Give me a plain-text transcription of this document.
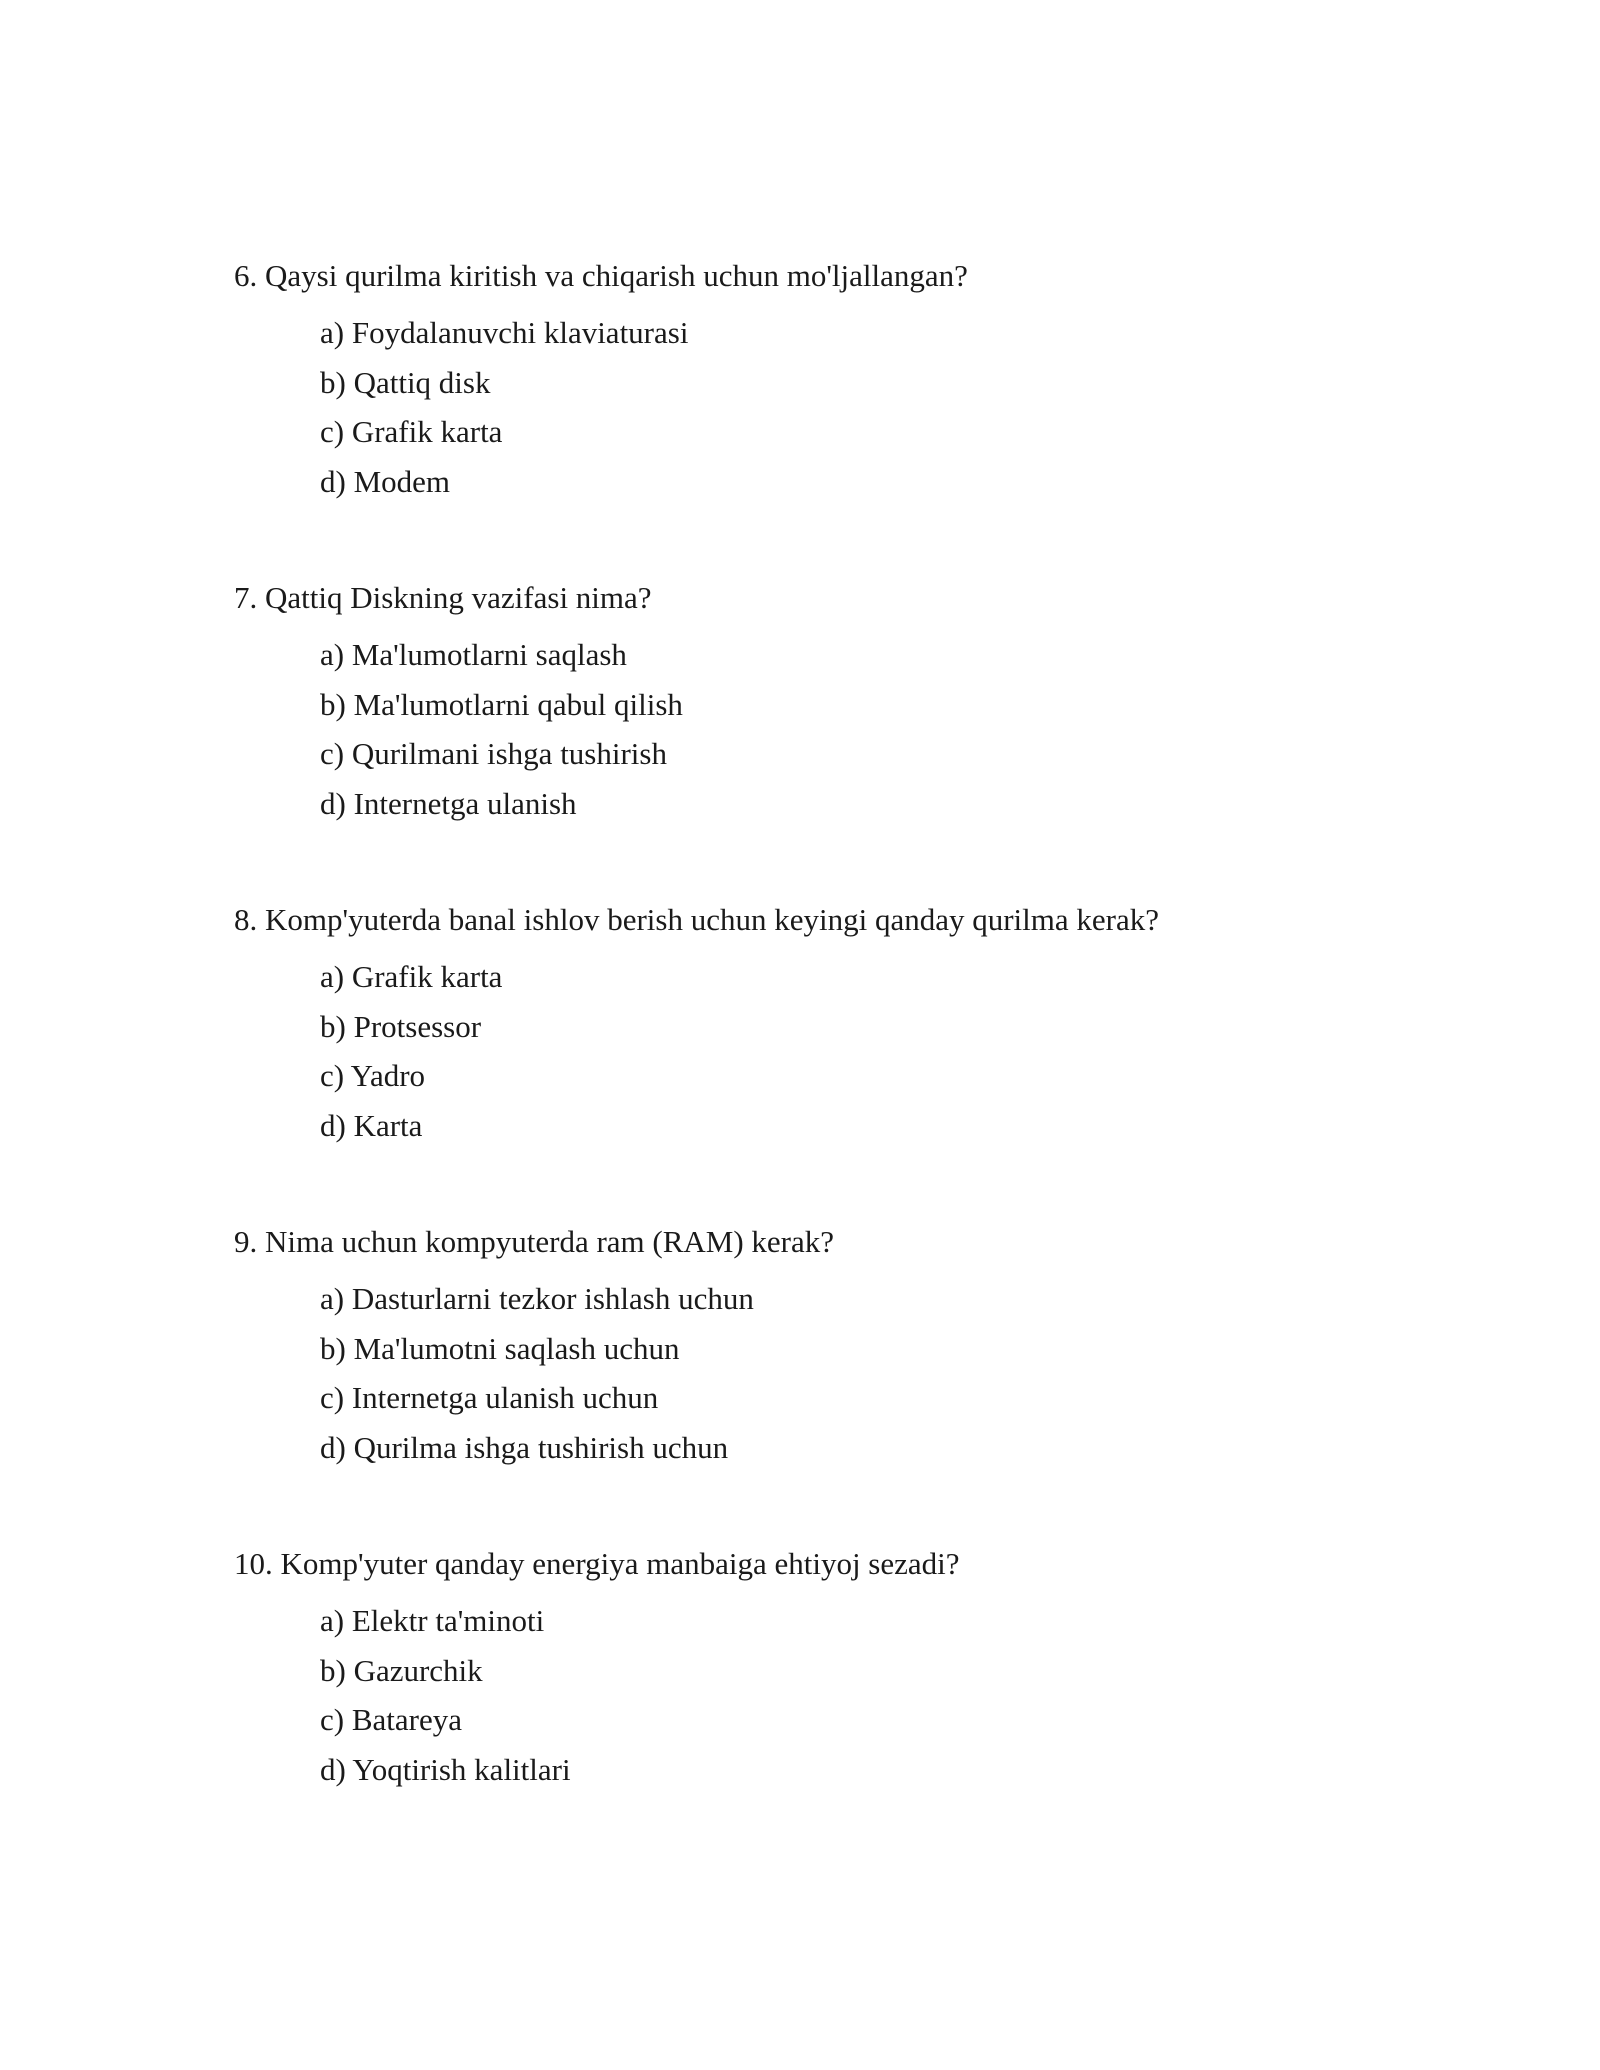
6. Qaysi qurilma kiritish va chiqarish uchun mo'ljallangan?

a) Foydalanuvchi klaviaturasi
b) Qattiq disk
c) Grafik karta
d) Modem

7. Qattiq Diskning vazifasi nima?

a) Ma'lumotlarni saqlash
b) Ma'lumotlarni qabul qilish
c) Qurilmani ishga tushirish
d) Internetga ulanish

8. Komp'yuterda banal ishlov berish uchun keyingi qanday qurilma kerak?

a) Grafik karta
b) Protsessor
c) Yadro
d) Karta

9. Nima uchun kompyuterda ram (RAM) kerak?

a) Dasturlarni tezkor ishlash uchun
b) Ma'lumotni saqlash uchun
c) Internetga ulanish uchun
d) Qurilma ishga tushirish uchun

10. Komp'yuter qanday energiya manbaiga ehtiyoj sezadi?

a) Elektr ta'minoti
b) Gazurchik
c) Batareya
d) Yoqtirish kalitlari
